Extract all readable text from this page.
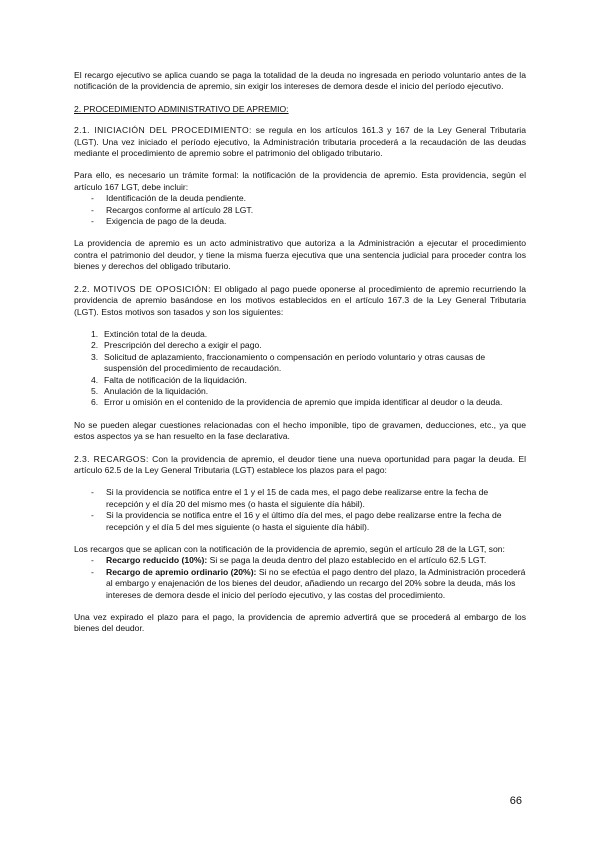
El recargo ejecutivo se aplica cuando se paga la totalidad de la deuda no ingresada en periodo voluntario antes de la notificación de la providencia de apremio, sin exigir los intereses de demora desde el inicio del período ejecutivo.

2. PROCEDIMIENTO ADMINISTRATIVO DE APREMIO:

2.1. INICIACIÓN DEL PROCEDIMIENTO: se regula en los artículos 161.3 y 167 de la Ley General Tributaria (LGT). Una vez iniciado el período ejecutivo, la Administración tributaria procederá a la recaudación de las deudas mediante el procedimiento de apremio sobre el patrimonio del obligado tributario.

Para ello, es necesario un trámite formal: la notificación de la providencia de apremio. Esta providencia, según el artículo 167 LGT, debe incluir:

- Identificación de la deuda pendiente.
- Recargos conforme al artículo 28 LGT.
- Exigencia de pago de la deuda.

La providencia de apremio es un acto administrativo que autoriza a la Administración a ejecutar el procedimiento contra el patrimonio del deudor, y tiene la misma fuerza ejecutiva que una sentencia judicial para proceder contra los bienes y derechos del obligado tributario.

2.2. MOTIVOS DE OPOSICIÓN: El obligado al pago puede oponerse al procedimiento de apremio recurriendo la providencia de apremio basándose en los motivos establecidos en el artículo 167.3 de la Ley General Tributaria (LGT). Estos motivos son tasados y son los siguientes:

1. Extinción total de la deuda.
2. Prescripción del derecho a exigir el pago.
3. Solicitud de aplazamiento, fraccionamiento o compensación en período voluntario y otras causas de suspensión del procedimiento de recaudación.
4. Falta de notificación de la liquidación.
5. Anulación de la liquidación.
6. Error u omisión en el contenido de la providencia de apremio que impida identificar al deudor o la deuda.

No se pueden alegar cuestiones relacionadas con el hecho imponible, tipo de gravamen, deducciones, etc., ya que estos aspectos ya se han resuelto en la fase declarativa.

2.3. RECARGOS: Con la providencia de apremio, el deudor tiene una nueva oportunidad para pagar la deuda. El artículo 62.5 de la Ley General Tributaria (LGT) establece los plazos para el pago:

- Si la providencia se notifica entre el 1 y el 15 de cada mes, el pago debe realizarse entre la fecha de recepción y el día 20 del mismo mes (o hasta el siguiente día hábil).
- Si la providencia se notifica entre el 16 y el último día del mes, el pago debe realizarse entre la fecha de recepción y el día 5 del mes siguiente (o hasta el siguiente día hábil).

Los recargos que se aplican con la notificación de la providencia de apremio, según el artículo 28 de la LGT, son:

- Recargo reducido (10%): Si se paga la deuda dentro del plazo establecido en el artículo 62.5 LGT.
- Recargo de apremio ordinario (20%): Si no se efectúa el pago dentro del plazo, la Administración procederá al embargo y enajenación de los bienes del deudor, añadiendo un recargo del 20% sobre la deuda, más los intereses de demora desde el inicio del período ejecutivo, y las costas del procedimiento.

Una vez expirado el plazo para el pago, la providencia de apremio advertirá que se procederá al embargo de los bienes del deudor.

66
